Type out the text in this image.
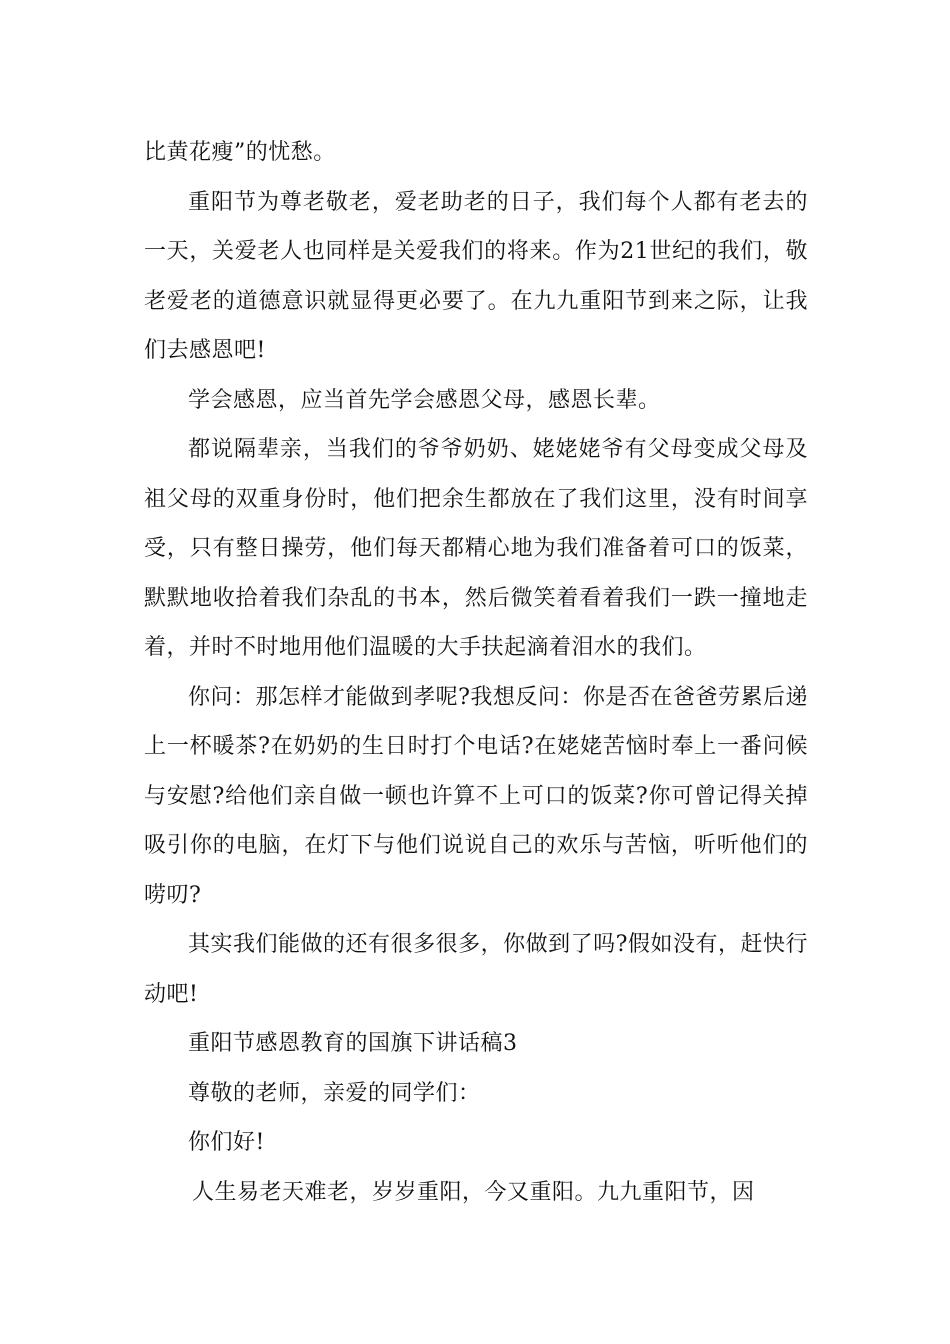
比黄花瘦”的忧愁。

重阳节为尊老敬老，爱老助老的日子，我们每个人都有老去的一天，关爱老人也同样是关爱我们的将来。作为21世纪的我们，敬老爱老的道德意识就显得更必要了。在九九重阳节到来之际，让我们去感恩吧!

学会感恩，应当首先学会感恩父母，感恩长辈。

都说隔辈亲，当我们的爷爷奶奶、姥姥姥爷有父母变成父母及祖父母的双重身份时，他们把余生都放在了我们这里，没有时间享受，只有整日操劳，他们每天都精心地为我们准备着可口的饭菜，默默地收拾着我们杂乱的书本，然后微笑着看着我们一跌一撞地走着，并时不时地用他们温暖的大手扶起滴着泪水的我们。

你问：那怎样才能做到孝呢?我想反问：你是否在爸爸劳累后递上一杯暖茶?在奶奶的生日时打个电话?在姥姥苦恼时奉上一番问候与安慰?给他们亲自做一顿也许算不上可口的饭菜?你可曾记得关掉吸引你的电脑，在灯下与他们说说自己的欢乐与苦恼，听听他们的唠叨?

其实我们能做的还有很多很多，你做到了吗?假如没有，赶快行动吧!

重阳节感恩教育的国旗下讲话稿3

尊敬的老师，亲爱的同学们：

你们好!

人生易老天难老，岁岁重阳，今又重阳。九九重阳节，因
